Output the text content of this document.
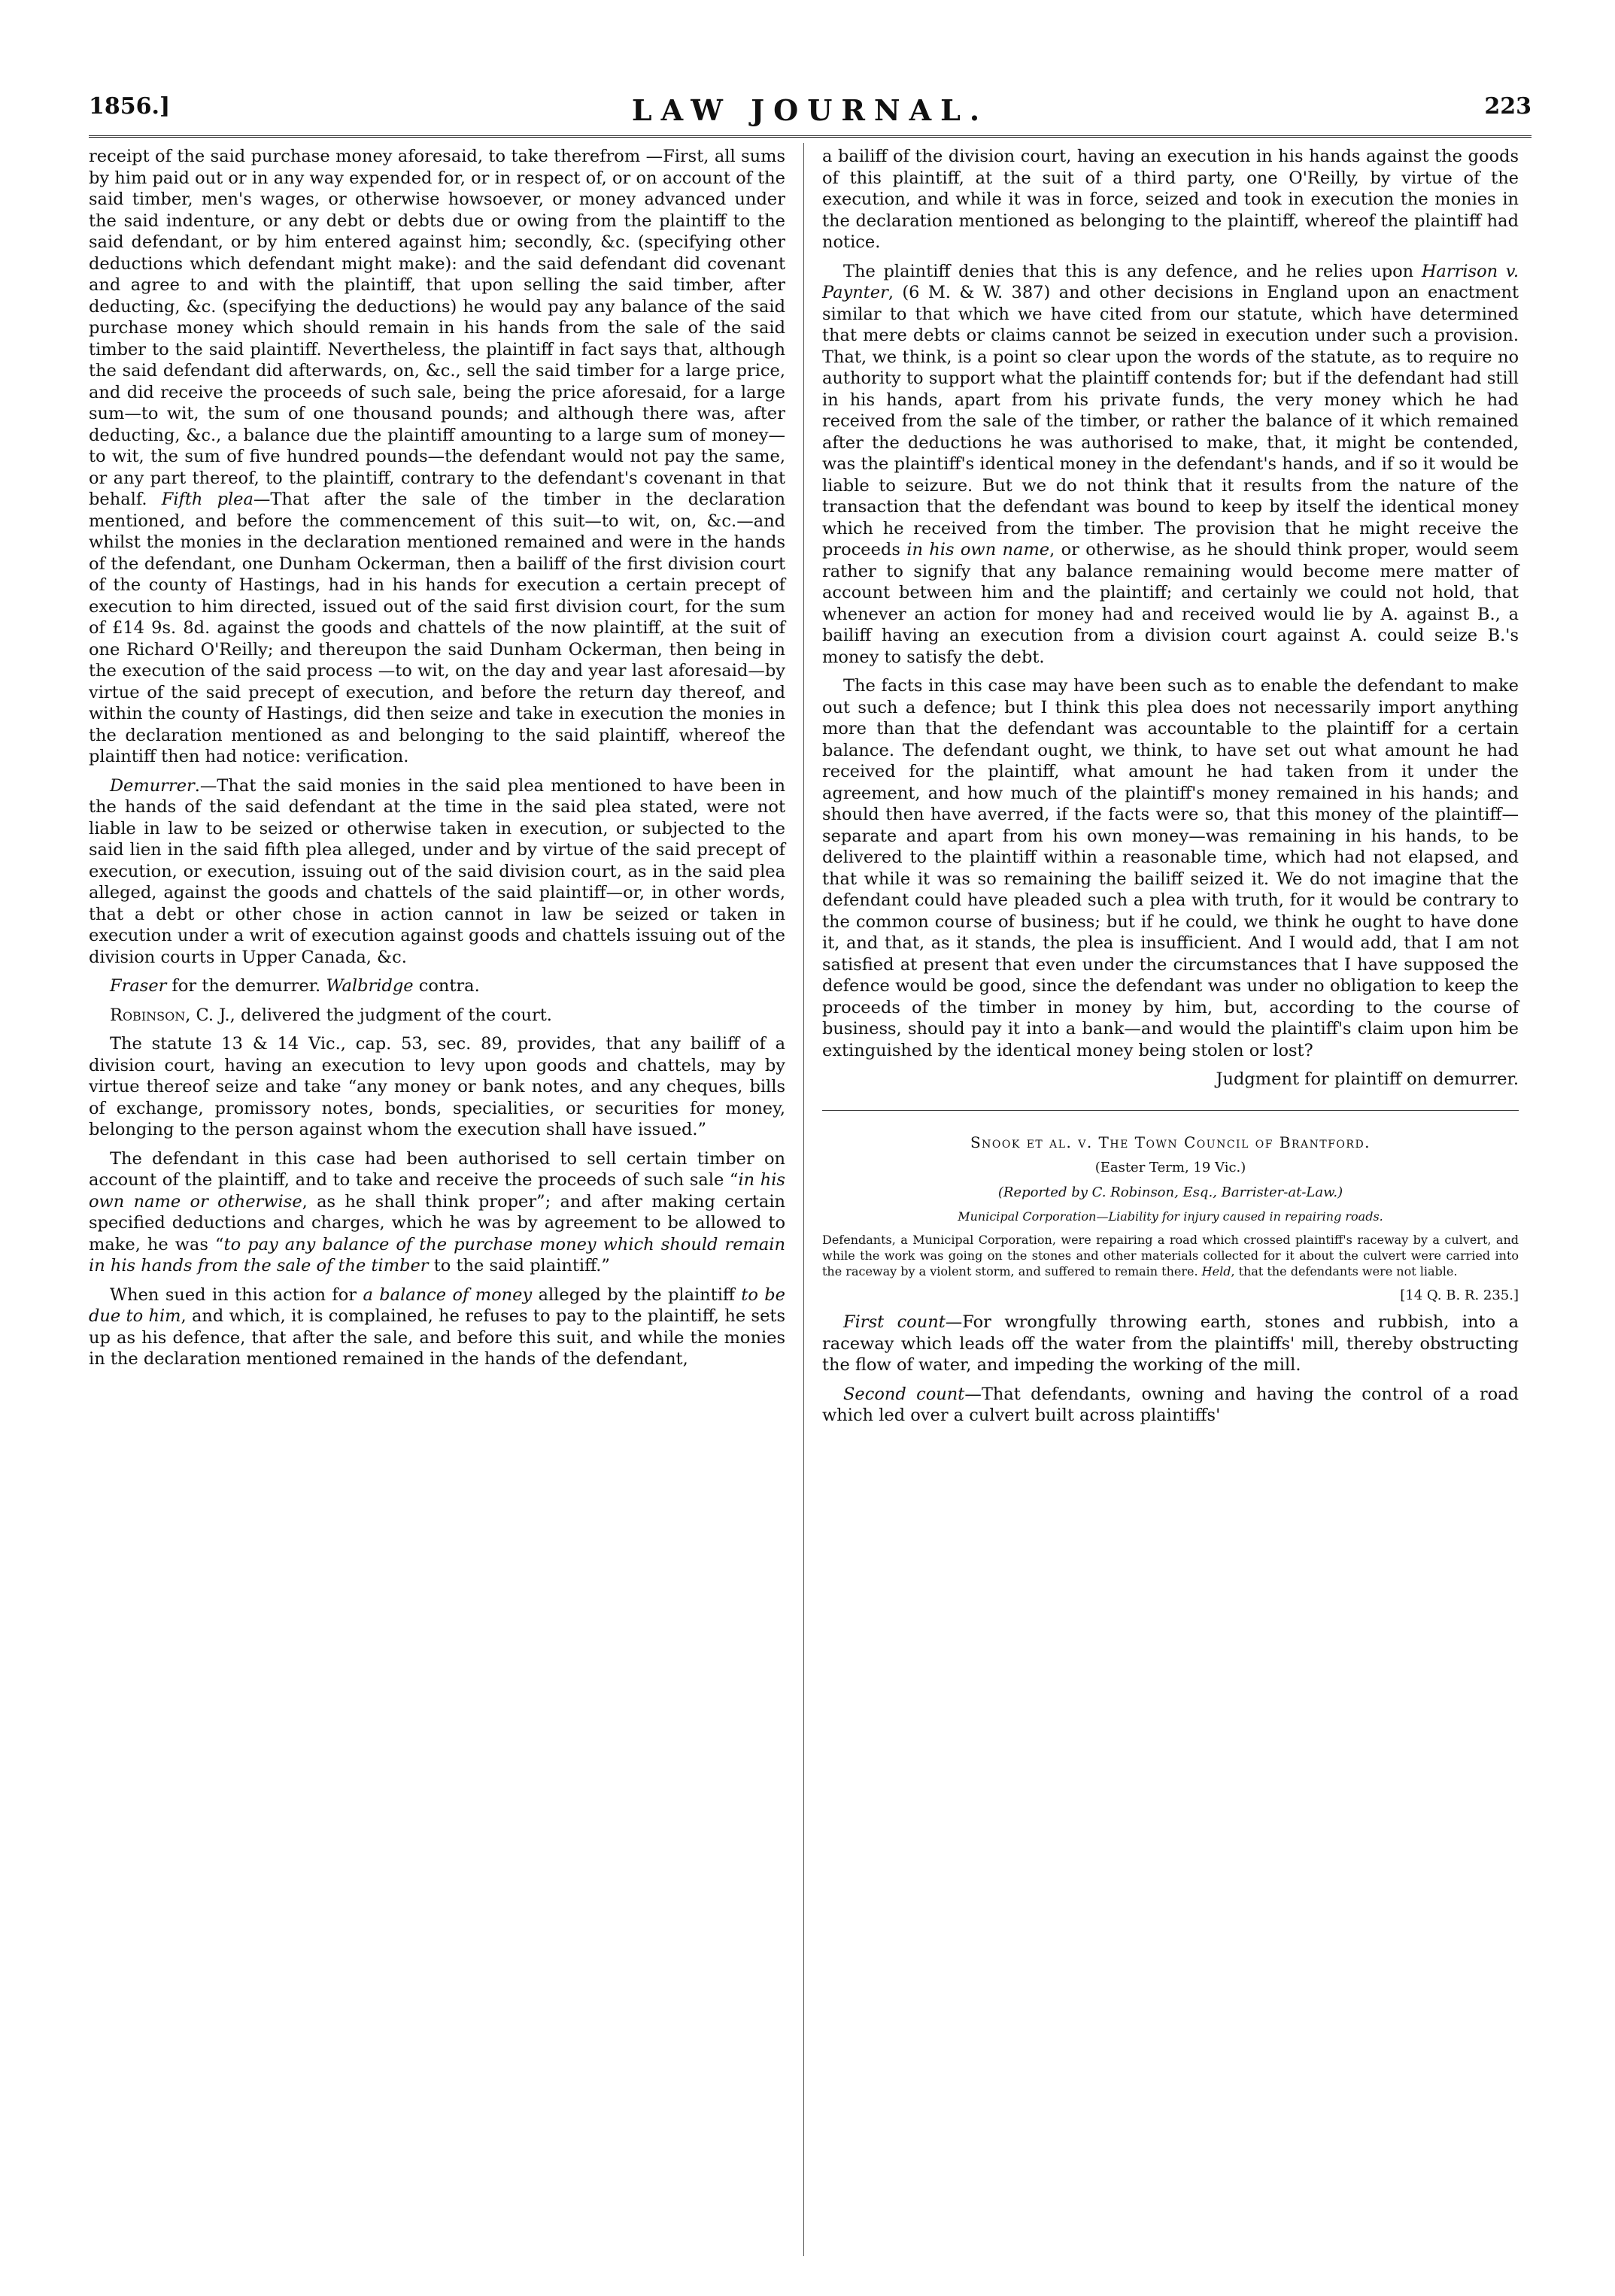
1856.]	LAW JOURNAL.	223

receipt of the said purchase money aforesaid, to take therefrom —First, all sums by him paid out or in any way expended for, or in respect of, or on account of the said timber, men's wages, or otherwise howsoever, or money advanced under the said indenture, or any debt or debts due or owing from the plaintiff to the said defendant, or by him entered against him; secondly, &c. (specifying other deductions which defendant might make): and the said defendant did covenant and agree to and with the plaintiff, that upon selling the said timber, after deducting, &c. (specifying the deductions) he would pay any balance of the said purchase money which should remain in his hands from the sale of the said timber to the said plaintiff. Nevertheless, the plaintiff in fact says that, although the said defendant did afterwards, on, &c., sell the said timber for a large price, and did receive the proceeds of such sale, being the price aforesaid, for a large sum—to wit, the sum of one thousand pounds; and although there was, after deducting, &c., a balance due the plaintiff amounting to a large sum of money—to wit, the sum of five hundred pounds—the defendant would not pay the same, or any part thereof, to the plaintiff, contrary to the defendant's covenant in that behalf. Fifth plea—That after the sale of the timber in the declaration mentioned, and before the commencement of this suit—to wit, on, &c.—and whilst the monies in the declaration mentioned remained and were in the hands of the defendant, one Dunham Ockerman, then a bailiff of the first division court of the county of Hastings, had in his hands for execution a certain precept of execution to him directed, issued out of the said first division court, for the sum of £14 9s. 8d. against the goods and chattels of the now plaintiff, at the suit of one Richard O'Reilly; and thereupon the said Dunham Ockerman, then being in the execution of the said process —to wit, on the day and year last aforesaid—by virtue of the said precept of execution, and before the return day thereof, and within the county of Hastings, did then seize and take in execution the monies in the declaration mentioned as and belonging to the said plaintiff, whereof the plaintiff then had notice: verification.

Demurrer.—That the said monies in the said plea mentioned to have been in the hands of the said defendant at the time in the said plea stated, were not liable in law to be seized or otherwise taken in execution, or subjected to the said lien in the said fifth plea alleged, under and by virtue of the said precept of execution, or execution, issuing out of the said division court, as in the said plea alleged, against the goods and chattels of the said plaintiff—or, in other words, that a debt or other chose in action cannot in law be seized or taken in execution under a writ of execution against goods and chattels issuing out of the division courts in Upper Canada, &c.

Fraser for the demurrer. Walbridge contra.

Robinson, C. J., delivered the judgment of the court.

The statute 13 & 14 Vic., cap. 53, sec. 89, provides, that any bailiff of a division court, having an execution to levy upon goods and chattels, may by virtue thereof seize and take “any money or bank notes, and any cheques, bills of exchange, promissory notes, bonds, specialities, or securities for money, belonging to the person against whom the execution shall have issued.”

The defendant in this case had been authorised to sell certain timber on account of the plaintiff, and to take and receive the proceeds of such sale “in his own name or otherwise, as he shall think proper”; and after making certain specified deductions and charges, which he was by agreement to be allowed to make, he was “to pay any balance of the purchase money which should remain in his hands from the sale of the timber to the said plaintiff.”

When sued in this action for a balance of money alleged by the plaintiff to be due to him, and which, it is complained, he refuses to pay to the plaintiff, he sets up as his defence, that after the sale, and before this suit, and while the monies in the declaration mentioned remained in the hands of the defendant,

a bailiff of the division court, having an execution in his hands against the goods of this plaintiff, at the suit of a third party, one O'Reilly, by virtue of the execution, and while it was in force, seized and took in execution the monies in the declaration mentioned as belonging to the plaintiff, whereof the plaintiff had notice.

The plaintiff denies that this is any defence, and he relies upon Harrison v. Paynter, (6 M. & W. 387) and other decisions in England upon an enactment similar to that which we have cited from our statute, which have determined that mere debts or claims cannot be seized in execution under such a provision. That, we think, is a point so clear upon the words of the statute, as to require no authority to support what the plaintiff contends for; but if the defendant had still in his hands, apart from his private funds, the very money which he had received from the sale of the timber, or rather the balance of it which remained after the deductions he was authorised to make, that, it might be contended, was the plaintiff's identical money in the defendant's hands, and if so it would be liable to seizure. But we do not think that it results from the nature of the transaction that the defendant was bound to keep by itself the identical money which he received from the timber. The provision that he might receive the proceeds in his own name, or otherwise, as he should think proper, would seem rather to signify that any balance remaining would become mere matter of account between him and the plaintiff; and certainly we could not hold, that whenever an action for money had and received would lie by A. against B., a bailiff having an execution from a division court against A. could seize B.'s money to satisfy the debt.

The facts in this case may have been such as to enable the defendant to make out such a defence; but I think this plea does not necessarily import anything more than that the defendant was accountable to the plaintiff for a certain balance. The defendant ought, we think, to have set out what amount he had received for the plaintiff, what amount he had taken from it under the agreement, and how much of the plaintiff's money remained in his hands; and should then have averred, if the facts were so, that this money of the plaintiff—separate and apart from his own money—was remaining in his hands, to be delivered to the plaintiff within a reasonable time, which had not elapsed, and that while it was so remaining the bailiff seized it. We do not imagine that the defendant could have pleaded such a plea with truth, for it would be contrary to the common course of business; but if he could, we think he ought to have done it, and that, as it stands, the plea is insufficient. And I would add, that I am not satisfied at present that even under the circumstances that I have supposed the defence would be good, since the defendant was under no obligation to keep the proceeds of the timber in money by him, but, according to the course of business, should pay it into a bank—and would the plaintiff's claim upon him be extinguished by the identical money being stolen or lost?

Judgment for plaintiff on demurrer.

Snook et al. v. The Town Council of Brantford.

(Easter Term, 19 Vic.)

(Reported by C. Robinson, Esq., Barrister-at-Law.)

Municipal Corporation—Liability for injury caused in repairing roads.

Defendants, a Municipal Corporation, were repairing a road which crossed plaintiff's raceway by a culvert, and while the work was going on the stones and other materials collected for it about the culvert were carried into the raceway by a violent storm, and suffered to remain there. Held, that the defendants were not liable.

[14 Q. B. R. 235.]

First count—For wrongfully throwing earth, stones and rubbish, into a raceway which leads off the water from the plaintiffs' mill, thereby obstructing the flow of water, and impeding the working of the mill.

Second count—That defendants, owning and having the control of a road which led over a culvert built across plaintiffs'
